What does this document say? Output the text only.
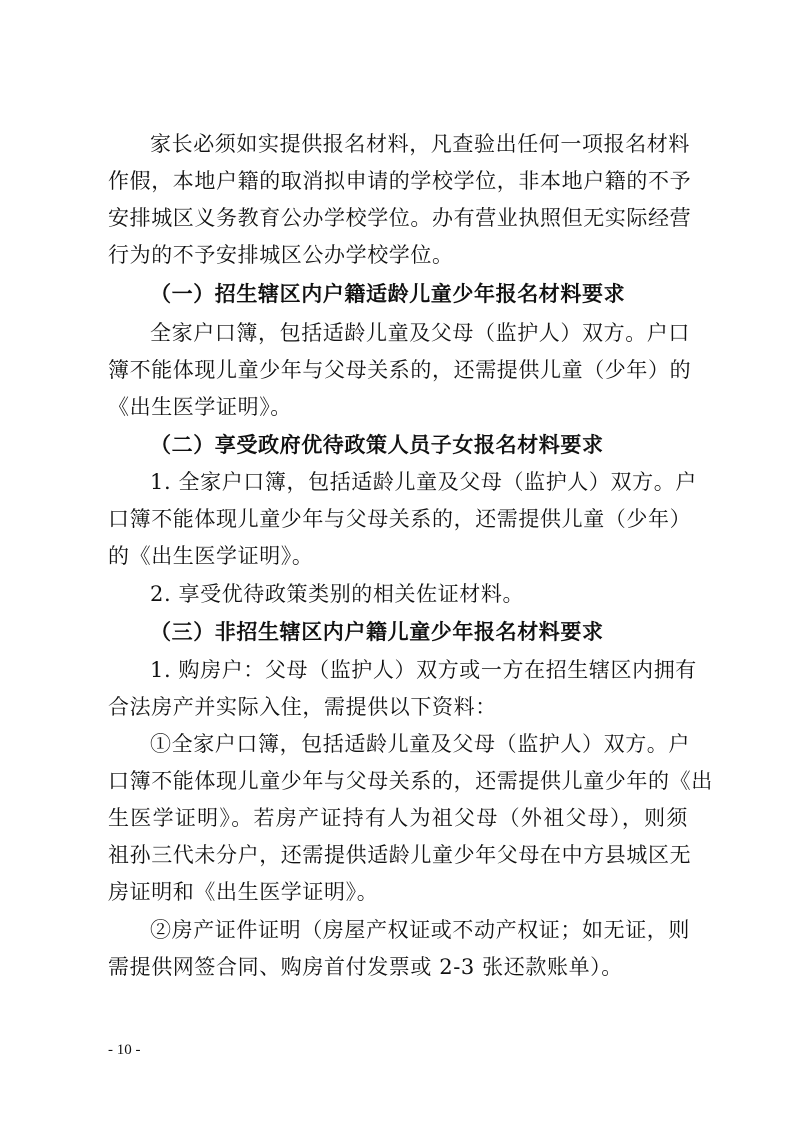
家长必须如实提供报名材料，凡查验出任何一项报名材料
作假，本地户籍的取消拟申请的学校学位，非本地户籍的不予
安排城区义务教育公办学校学位。办有营业执照但无实际经营
行为的不予安排城区公办学校学位。
（一）招生辖区内户籍适龄儿童少年报名材料要求
全家户口簿，包括适龄儿童及父母（监护人）双方。户口
簿不能体现儿童少年与父母关系的，还需提供儿童（少年）的
《出生医学证明》。
（二）享受政府优待政策人员子女报名材料要求
1. 全家户口簿，包括适龄儿童及父母（监护人）双方。户
口簿不能体现儿童少年与父母关系的，还需提供儿童（少年）
的《出生医学证明》。
2. 享受优待政策类别的相关佐证材料。
（三）非招生辖区内户籍儿童少年报名材料要求
1. 购房户：父母（监护人）双方或一方在招生辖区内拥有
合法房产并实际入住，需提供以下资料：
①全家户口簿，包括适龄儿童及父母（监护人）双方。户
口簿不能体现儿童少年与父母关系的，还需提供儿童少年的《出
生医学证明》。若房产证持有人为祖父母（外祖父母），则须
祖孙三代未分户，还需提供适龄儿童少年父母在中方县城区无
房证明和《出生医学证明》。
②房产证件证明（房屋产权证或不动产权证；如无证，则
需提供网签合同、购房首付发票或 2-3 张还款账单）。
- 10 -
